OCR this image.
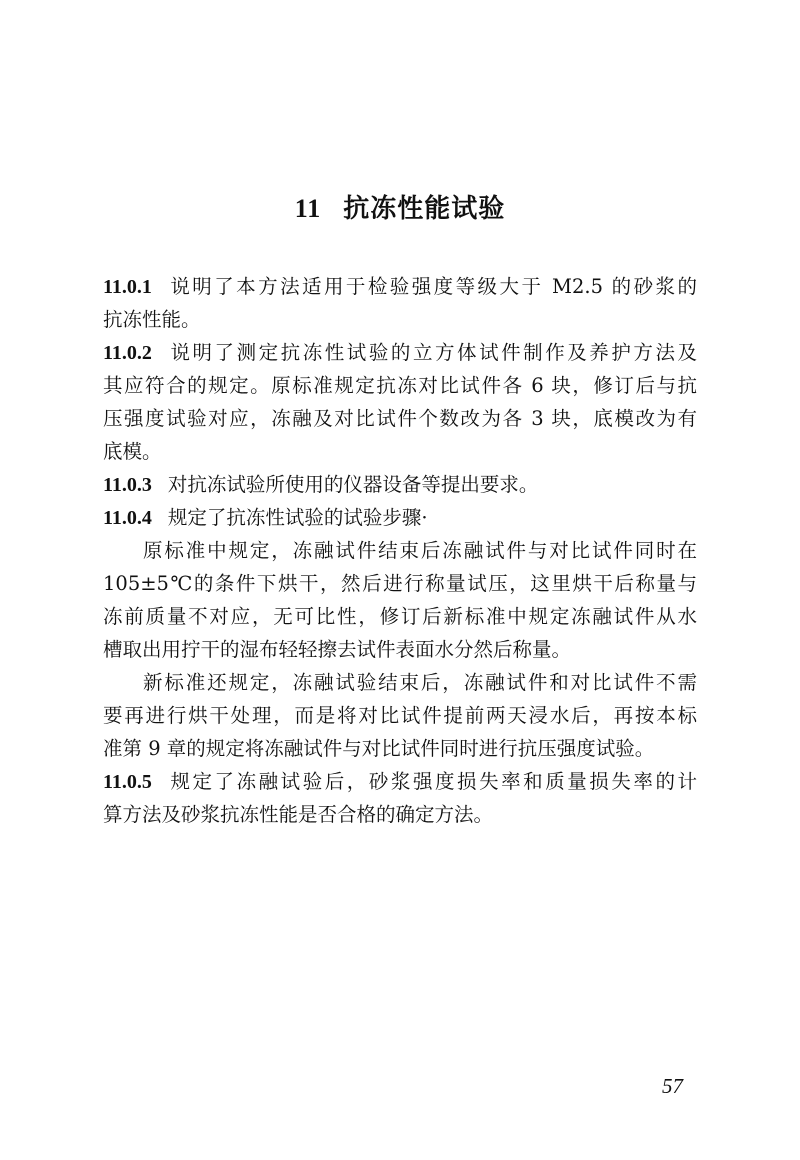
11 抗冻性能试验
11.0.1 说明了本方法适用于检验强度等级大于 M2.5 的砂浆的
抗冻性能。
11.0.2 说明了测定抗冻性试验的立方体试件制作及养护方法及
其应符合的规定。原标准规定抗冻对比试件各 6 块，修订后与抗
压强度试验对应，冻融及对比试件个数改为各 3 块，底模改为有
底模。
11.0.3 对抗冻试验所使用的仪器设备等提出要求。
11.0.4 规定了抗冻性试验的试验步骤·
原标准中规定，冻融试件结束后冻融试件与对比试件同时在
105±5℃的条件下烘干，然后进行称量试压，这里烘干后称量与
冻前质量不对应，无可比性，修订后新标准中规定冻融试件从水
槽取出用拧干的湿布轻轻擦去试件表面水分然后称量。
新标准还规定，冻融试验结束后，冻融试件和对比试件不需
要再进行烘干处理，而是将对比试件提前两天浸水后，再按本标
准第 9 章的规定将冻融试件与对比试件同时进行抗压强度试验。
11.0.5 规定了冻融试验后，砂浆强度损失率和质量损失率的计
算方法及砂浆抗冻性能是否合格的确定方法。
57
